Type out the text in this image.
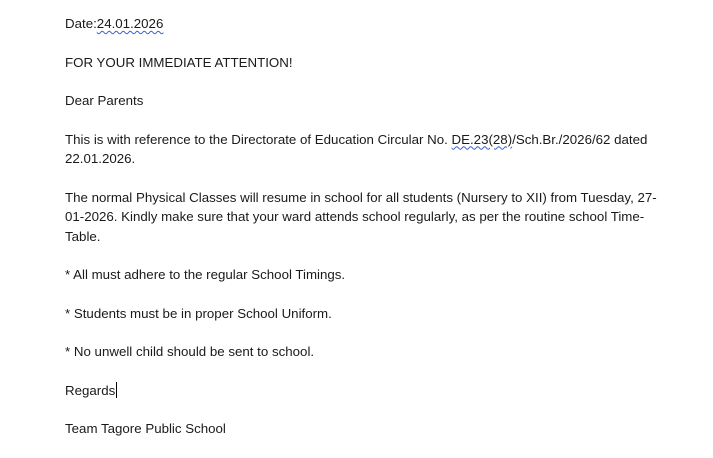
Date:24.01.2026

FOR YOUR IMMEDIATE ATTENTION!

Dear Parents

This is with reference to the Directorate of Education Circular No. DE.23(28)/Sch.Br./2026/62 dated 22.01.2026.

The normal Physical Classes will resume in school for all students (Nursery to XII) from Tuesday, 27-01-2026. Kindly make sure that your ward attends school regularly, as per the routine school Time-Table.

* All must adhere to the regular School Timings.

* Students must be in proper School Uniform.

* No unwell child should be sent to school.

Regards

Team Tagore Public School
